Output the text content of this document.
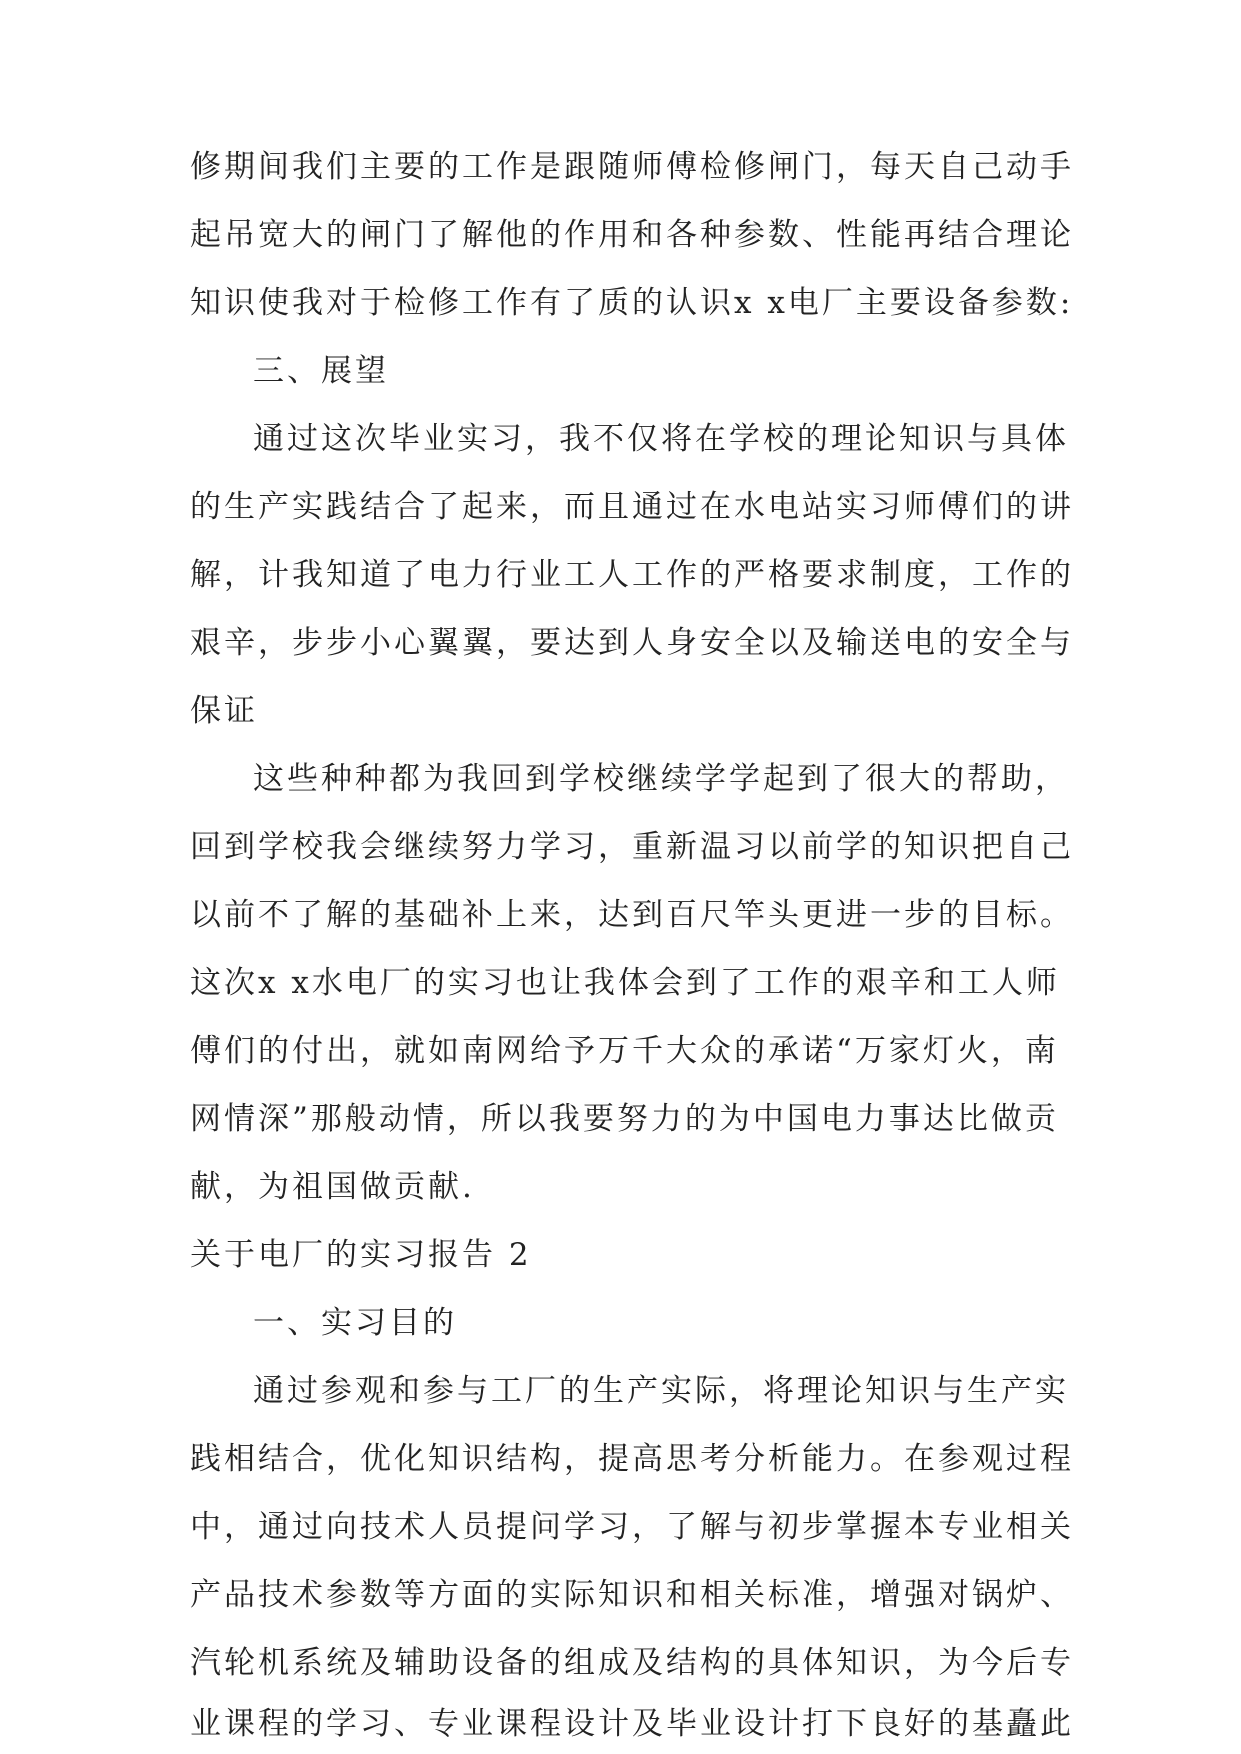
修期间我们主要的工作是跟随师傅检修闸门，每天自己动手
起吊宽大的闸门了解他的作用和各种参数、性能再结合理论
知识使我对于检修工作有了质的认识x x电厂主要设备参数:
三、展望
通过这次毕业实习，我不仅将在学校的理论知识与具体
的生产实践结合了起来，而且通过在水电站实习师傅们的讲
解，计我知道了电力行业工人工作的严格要求制度，工作的
艰辛，步步小心翼翼，要达到人身安全以及输送电的安全与
保证
这些种种都为我回到学校继续学学起到了很大的帮助，
回到学校我会继续努力学习，重新温习以前学的知识把自己
以前不了解的基础补上来，达到百尺竿头更进一步的目标。
这次x x水电厂的实习也让我体会到了工作的艰辛和工人师
傅们的付出，就如南网给予万千大众的承诺“万家灯火，南
网情深”那般动情，所以我要努力的为中国电力事达比做贡
献，为祖国做贡献.
关于电厂的实习报告 2
一、实习目的
通过参观和参与工厂的生产实际，将理论知识与生产实
践相结合，优化知识结构，提高思考分析能力。在参观过程
中，通过向技术人员提问学习，了解与初步掌握本专业相关
产品技术参数等方面的实际知识和相关标准，增强对锅炉、
汽轮机系统及辅助设备的组成及结构的具体知识，为今后专
业课程的学习、专业课程设计及毕业设计打下良好的基矗此
